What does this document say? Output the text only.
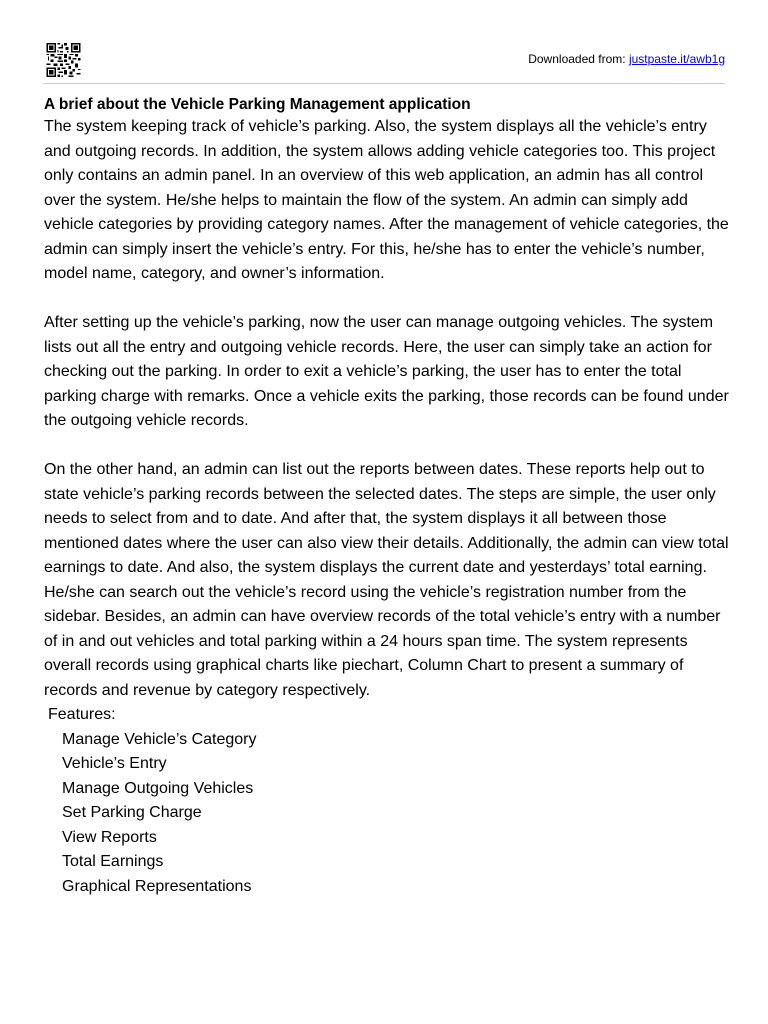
Downloaded from: justpaste.it/awb1g
A brief about the Vehicle Parking Management application

The system keeping track of vehicle’s parking. Also, the system displays all the vehicle’s entry and outgoing records. In addition, the system allows adding vehicle categories too. This project only contains an admin panel. In an overview of this web application, an admin has all control over the system. He/she helps to maintain the flow of the system. An admin can simply add vehicle categories by providing category names. After the management of vehicle categories, the admin can simply insert the vehicle’s entry. For this, he/she has to enter the vehicle’s number, model name, category, and owner’s information.

After setting up the vehicle’s parking, now the user can manage outgoing vehicles. The system lists out all the entry and outgoing vehicle records. Here, the user can simply take an action for checking out the parking. In order to exit a vehicle’s parking, the user has to enter the total parking charge with remarks. Once a vehicle exits the parking, those records can be found under the outgoing vehicle records.

On the other hand, an admin can list out the reports between dates. These reports help out to state vehicle’s parking records between the selected dates. The steps are simple, the user only needs to select from and to date. And after that, the system displays it all between those mentioned dates where the user can also view their details. Additionally, the admin can view total earnings to date. And also, the system displays the current date and yesterdays’ total earning. He/she can search out the vehicle’s record using the vehicle’s registration number from the sidebar. Besides, an admin can have overview records of the total vehicle’s entry with a number of in and out vehicles and total parking within a 24 hours span time. The system represents overall records using graphical charts like piechart, Column Chart to present a summary of records and revenue by category respectively.

Features:
Manage Vehicle’s Category
Vehicle’s Entry
Manage Outgoing Vehicles
Set Parking Charge
View Reports
Total Earnings
Graphical Representations
